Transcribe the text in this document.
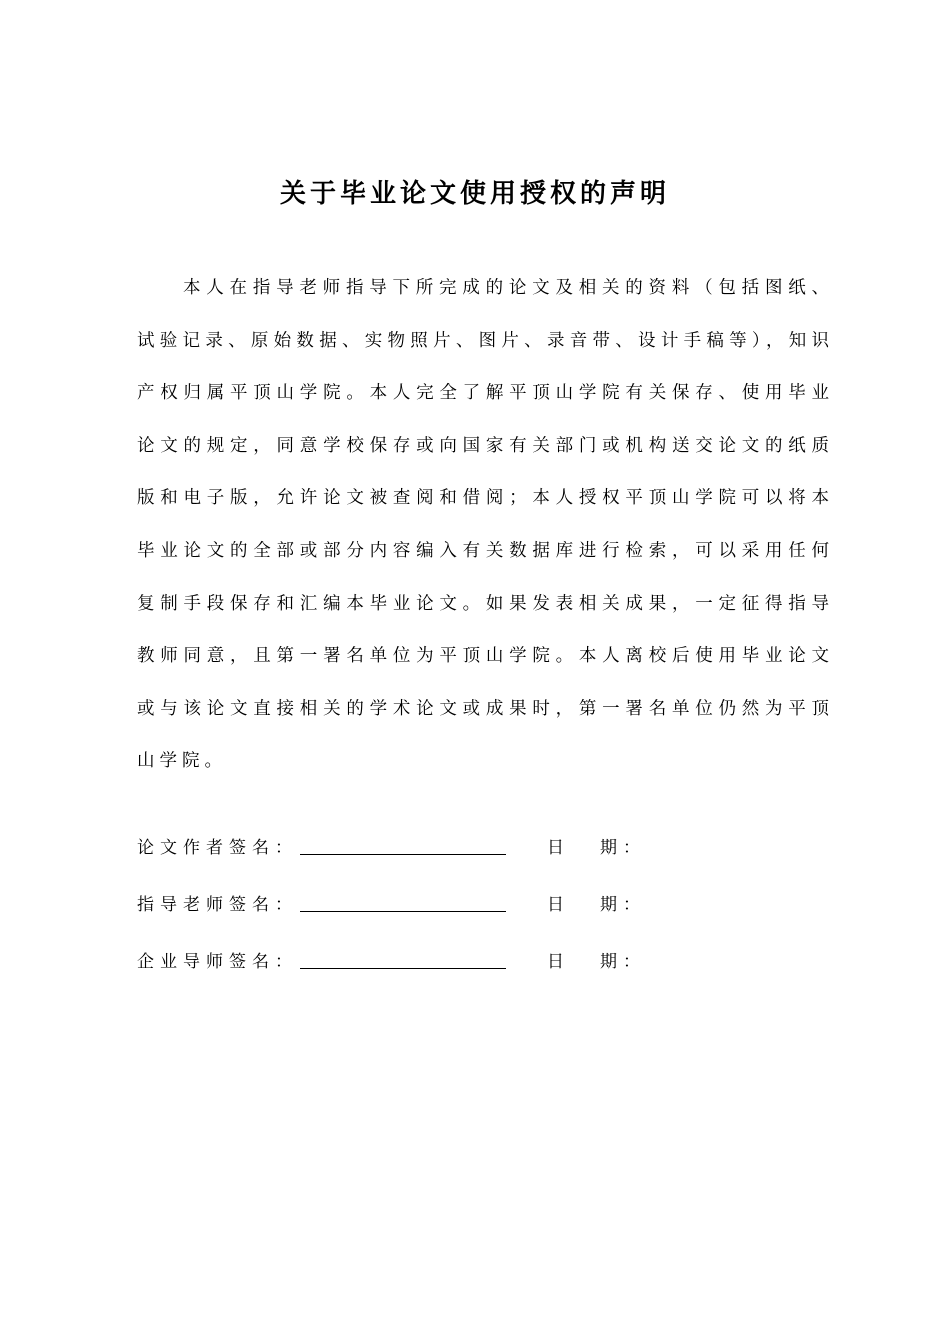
关于毕业论文使用授权的声明

本人在指导老师指导下所完成的论文及相关的资料（包括图纸、试验记录、原始数据、实物照片、图片、录音带、设计手稿等），知识产权归属平顶山学院。本人完全了解平顶山学院有关保存、使用毕业论文的规定，同意学校保存或向国家有关部门或机构送交论文的纸质版和电子版，允许论文被查阅和借阅；本人授权平顶山学院可以将本毕业论文的全部或部分内容编入有关数据库进行检索，可以采用任何复制手段保存和汇编本毕业论文。如果发表相关成果，一定征得指导教师同意，且第一署名单位为平顶山学院。本人离校后使用毕业论文或与该论文直接相关的学术论文或成果时，第一署名单位仍然为平顶山学院。

论文作者签名：	日 期：
指导老师签名：	日 期：
企业导师签名：	日 期：
